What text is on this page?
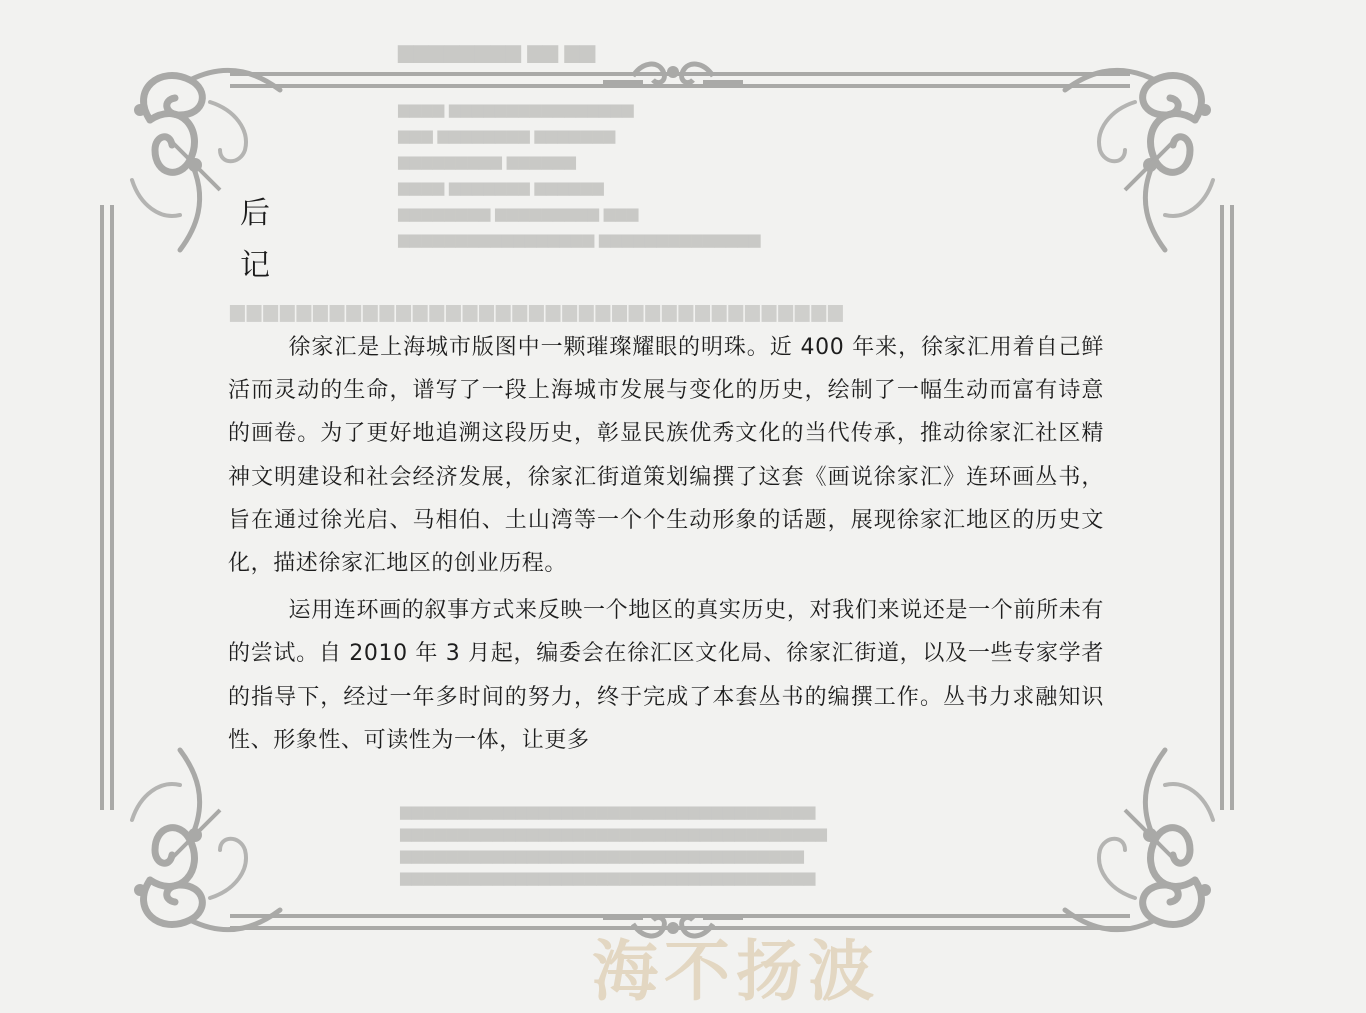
▆▆▆▆▆▆▆▆ ▆▆ ▆▆
▆▆▆▆ ▆▆▆▆▆▆▆▆▆▆▆▆▆▆▆▆
▆▆▆ ▆▆▆▆▆▆▆▆ ▆▆▆▆▆▆▆
▆▆▆▆▆▆▆▆▆ ▆▆▆▆▆▆
▆▆▆▆ ▆▆▆▆▆▆▆ ▆▆▆▆▆▆
▆▆▆▆▆▆▆▆ ▆▆▆▆▆▆▆▆▆ ▆▆▆
▆▆▆▆▆▆▆▆▆▆▆▆▆▆▆▆▆ ▆▆▆▆▆▆▆▆▆▆▆▆▆▆
▆▆▆▆▆▆▆▆▆▆▆▆▆▆▆▆▆▆▆▆▆▆▆▆▆▆▆▆▆▆▆▆▆▆▆▆▆
▆▆▆▆▆▆▆▆▆▆▆▆▆▆▆▆▆▆▆▆▆▆▆▆▆▆▆▆▆▆▆▆▆▆▆▆
▆▆▆▆▆▆▆▆▆▆▆▆▆▆▆▆▆▆▆▆▆▆▆▆▆▆▆▆▆▆▆▆▆▆▆▆▆
▆▆▆▆▆▆▆▆▆▆▆▆▆▆▆▆▆▆▆▆▆▆▆▆▆▆▆▆▆▆▆▆▆▆▆
▆▆▆▆▆▆▆▆▆▆▆▆▆▆▆▆▆▆▆▆▆▆▆▆▆▆▆▆▆▆▆▆▆▆▆▆
后
记

徐家汇是上海城市版图中一颗璀璨耀眼的明珠。近 400 年来，徐家汇用着自己鲜活而灵动的生命，谱写了一段上海城市发展与变化的历史，绘制了一幅生动而富有诗意的画卷。为了更好地追溯这段历史，彰显民族优秀文化的当代传承，推动徐家汇社区精神文明建设和社会经济发展，徐家汇街道策划编撰了这套《画说徐家汇》连环画丛书，旨在通过徐光启、马相伯、土山湾等一个个生动形象的话题，展现徐家汇地区的历史文化，描述徐家汇地区的创业历程。

运用连环画的叙事方式来反映一个地区的真实历史，对我们来说还是一个前所未有的尝试。自 2010 年 3 月起，编委会在徐汇区文化局、徐家汇街道，以及一些专家学者的指导下，经过一年多时间的努力，终于完成了本套丛书的编撰工作。丛书力求融知识性、形象性、可读性为一体，让更多

海不扬波
